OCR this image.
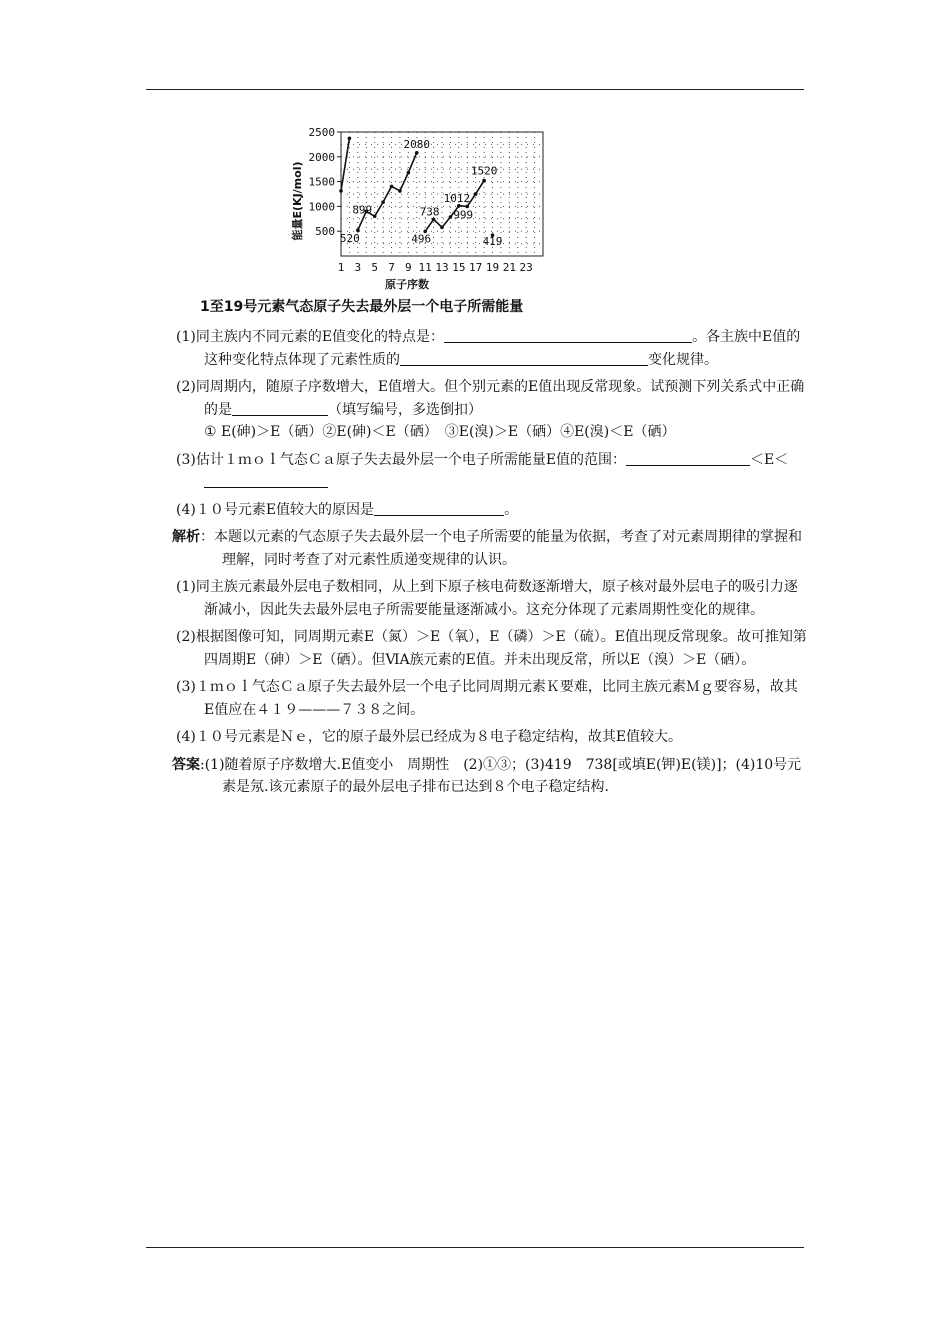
2500
2000
1500
1000
500
1 3 5 7 9 11 13 15 17 19 21 23
520
899
2080
738
496
1012
999
1520
419
能量E(KJ/mol)
原子序数
1至19号元素气态原子失去最外层一个电子所需能量
(1)同主族内不同元素的E值变化的特点是：	。各主族中E值的这种变化特点体现了元素性质的	变化规律。
(2)同周期内，随原子序数增大，E值增大。但个别元素的E值出现反常现象。试预测下列关系式中正确的是	（填写编号，多选倒扣）
① E(砷)＞E（硒）②E(砷)＜E（硒）　③E(溴)＞E（硒）④E(溴)＜E（硒）
(3)估计１ｍｏｌ气态Ｃａ原子失去最外层一个电子所需能量E值的范围：	＜E＜
(4)１０号元素E值较大的原因是	。
解析：本题以元素的气态原子失去最外层一个电子所需要的能量为依据，考查了对元素周期律的掌握和理解，同时考查了对元素性质递变规律的认识。
(1)同主族元素最外层电子数相同，从上到下原子核电荷数逐渐增大，原子核对最外层电子的吸引力逐渐减小，因此失去最外层电子所需要能量逐渐减小。这充分体现了元素周期性变化的规律。
(2)根据图像可知，同周期元素E（氮）＞E（氧），E（磷）＞E（硫）。E值出现反常现象。故可推知第四周期E（砷）＞E（硒）。但ⅥA族元素的E值。并未出现反常，所以E（溴）＞E（硒）。
(3)１ｍｏｌ气态Ｃａ原子失去最外层一个电子比同周期元素Ｋ要难，比同主族元素Ｍｇ要容易，故其E值应在４１９———７３８之间。
(4)１０号元素是Ｎｅ，它的原子最外层已经成为８电子稳定结构，故其E值较大。
答案:(1)随着原子序数增大.E值变小　周期性　(2)①③；(3)419　738[或填E(钾)E(镁)]；(4)10号元素是氖.该元素原子的最外层电子排布已达到８个电子稳定结构.
